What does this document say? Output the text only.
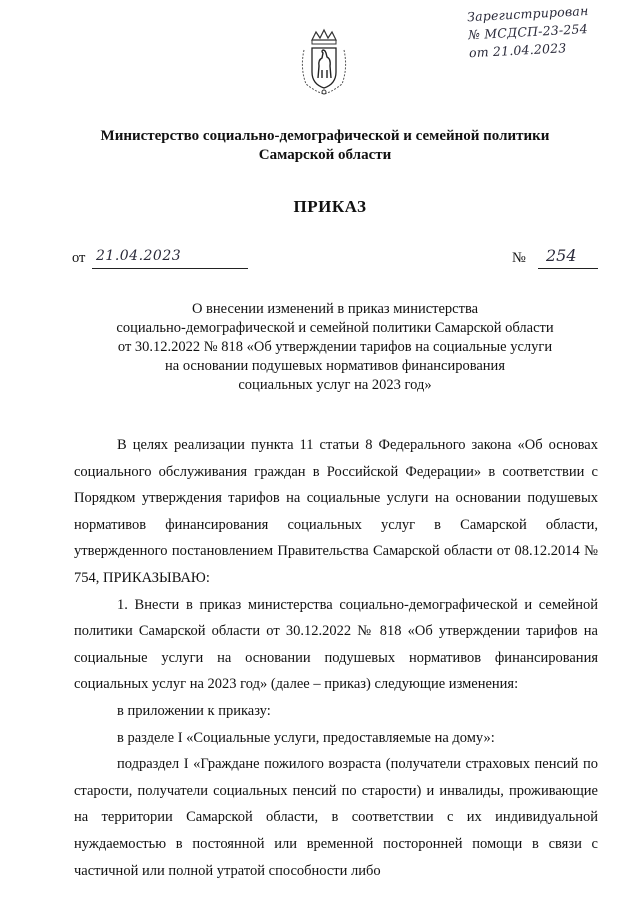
Зарегистрирован
№ МСДСП-23-254
от 21.04.2023
Министерство социально-демографической и семейной политики
Самарской области
ПРИКАЗ
от 21.04.2023	№ 254
О внесении изменений в приказ министерства
социально-демографической и семейной политики Самарской области
от 30.12.2022 № 818 «Об утверждении тарифов на социальные услуги
на основании подушевых нормативов финансирования
социальных услуг на 2023 год»

В целях реализации пункта 11 статьи 8 Федерального закона «Об основах социального обслуживания граждан в Российской Федерации» в соответствии с Порядком утверждения тарифов на социальные услуги на основании подушевых нормативов финансирования социальных услуг в Самарской области, утвержденного постановлением Правительства Самарской области от 08.12.2014 № 754, ПРИКАЗЫВАЮ:

1. Внести в приказ министерства социально-демографической и семейной политики Самарской области от 30.12.2022 № 818 «Об утверждении тарифов на социальные услуги на основании подушевых нормативов финансирования социальных услуг на 2023 год» (далее – приказ) следующие изменения:

в приложении к приказу:

в разделе I «Социальные услуги, предоставляемые на дому»:

подраздел I «Граждане пожилого возраста (получатели страховых пенсий по старости, получатели социальных пенсий по старости) и инвалиды, проживающие на территории Самарской области, в соответствии с их индивидуальной нуждаемостью в постоянной или временной посторонней помощи в связи с частичной или полной утратой способности либо
